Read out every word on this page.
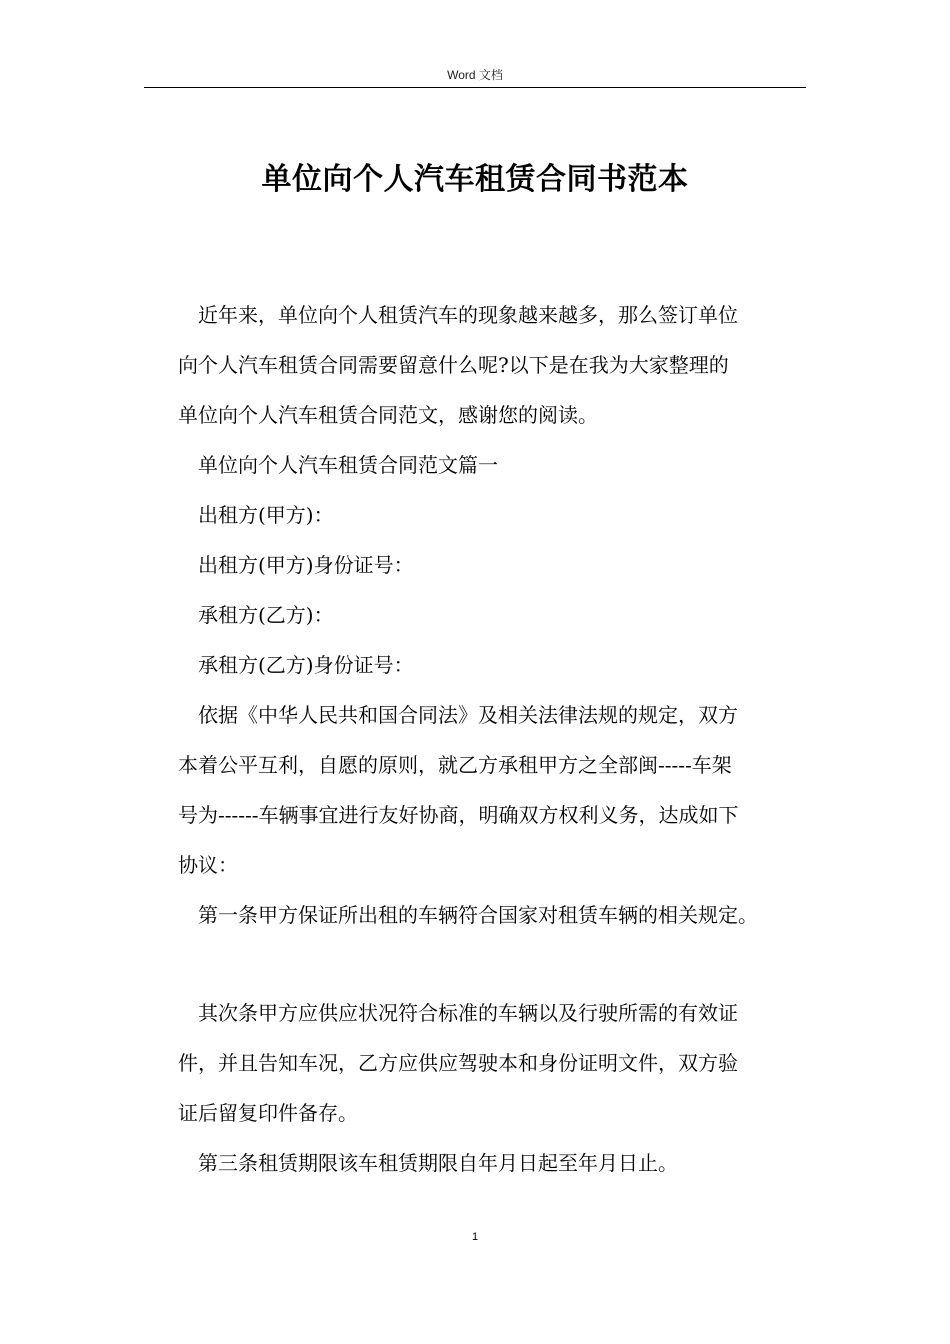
Word 文档
单位向个人汽车租赁合同书范本

近年来，单位向个人租赁汽车的现象越来越多，那么签订单位
向个人汽车租赁合同需要留意什么呢?以下是在我为大家整理的
单位向个人汽车租赁合同范文，感谢您的阅读。

单位向个人汽车租赁合同范文篇一

出租方(甲方)：

出租方(甲方)身份证号：

承租方(乙方)：

承租方(乙方)身份证号：

依据《中华人民共和国合同法》及相关法律法规的规定，双方
本着公平互利，自愿的原则，就乙方承租甲方之全部闽-----车架
号为------车辆事宜进行友好协商，明确双方权利义务，达成如下
协议：

第一条甲方保证所出租的车辆符合国家对租赁车辆的相关规定。

其次条甲方应供应状况符合标准的车辆以及行驶所需的有效证
件，并且告知车况，乙方应供应驾驶本和身份证明文件，双方验
证后留复印件备存。

第三条租赁期限该车租赁期限自年月日起至年月日止。

1
